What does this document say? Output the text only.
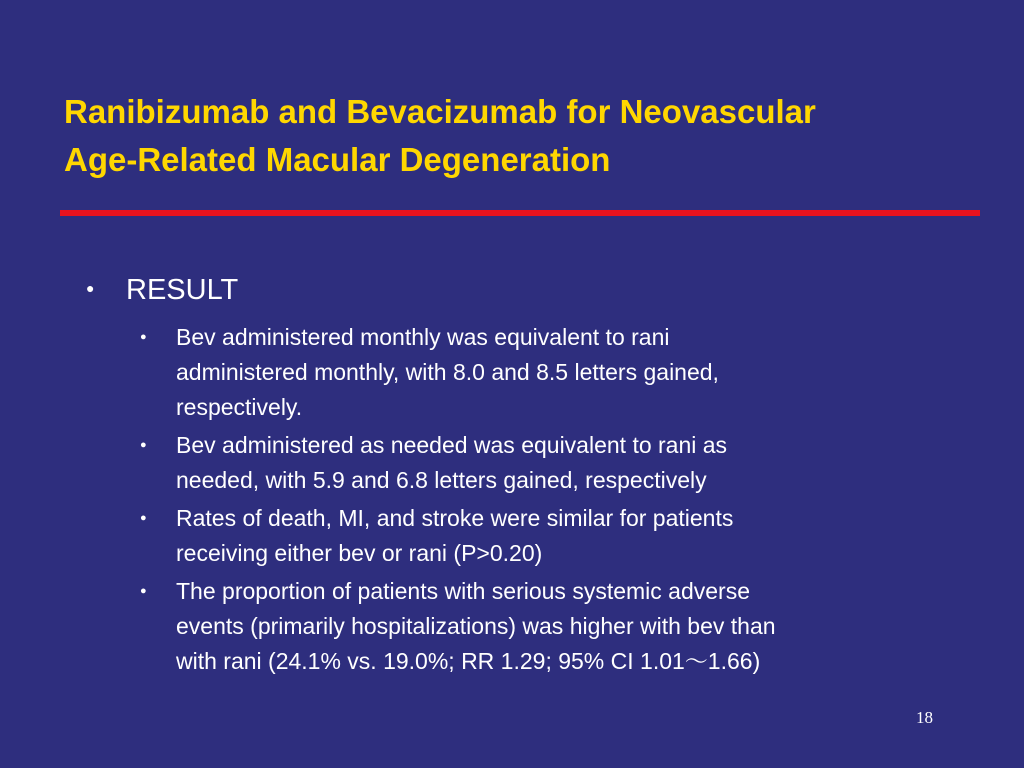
Ranibizumab and Bevacizumab for Neovascular
Age-Related Macular Degeneration
●	RESULT
●	Bev administered monthly was equivalent to rani
administered monthly, with 8.0 and 8.5 letters gained,
respectively.
●	Bev administered as needed was equivalent to rani as
needed, with 5.9 and 6.8 letters gained, respectively
●	Rates of death, MI, and stroke were similar for patients
receiving either bev or rani (P>0.20)
●	The proportion of patients with serious systemic adverse
events (primarily hospitalizations) was higher with bev than
with rani (24.1% vs. 19.0%; RR 1.29; 95% CI 1.01～1.66)
18
